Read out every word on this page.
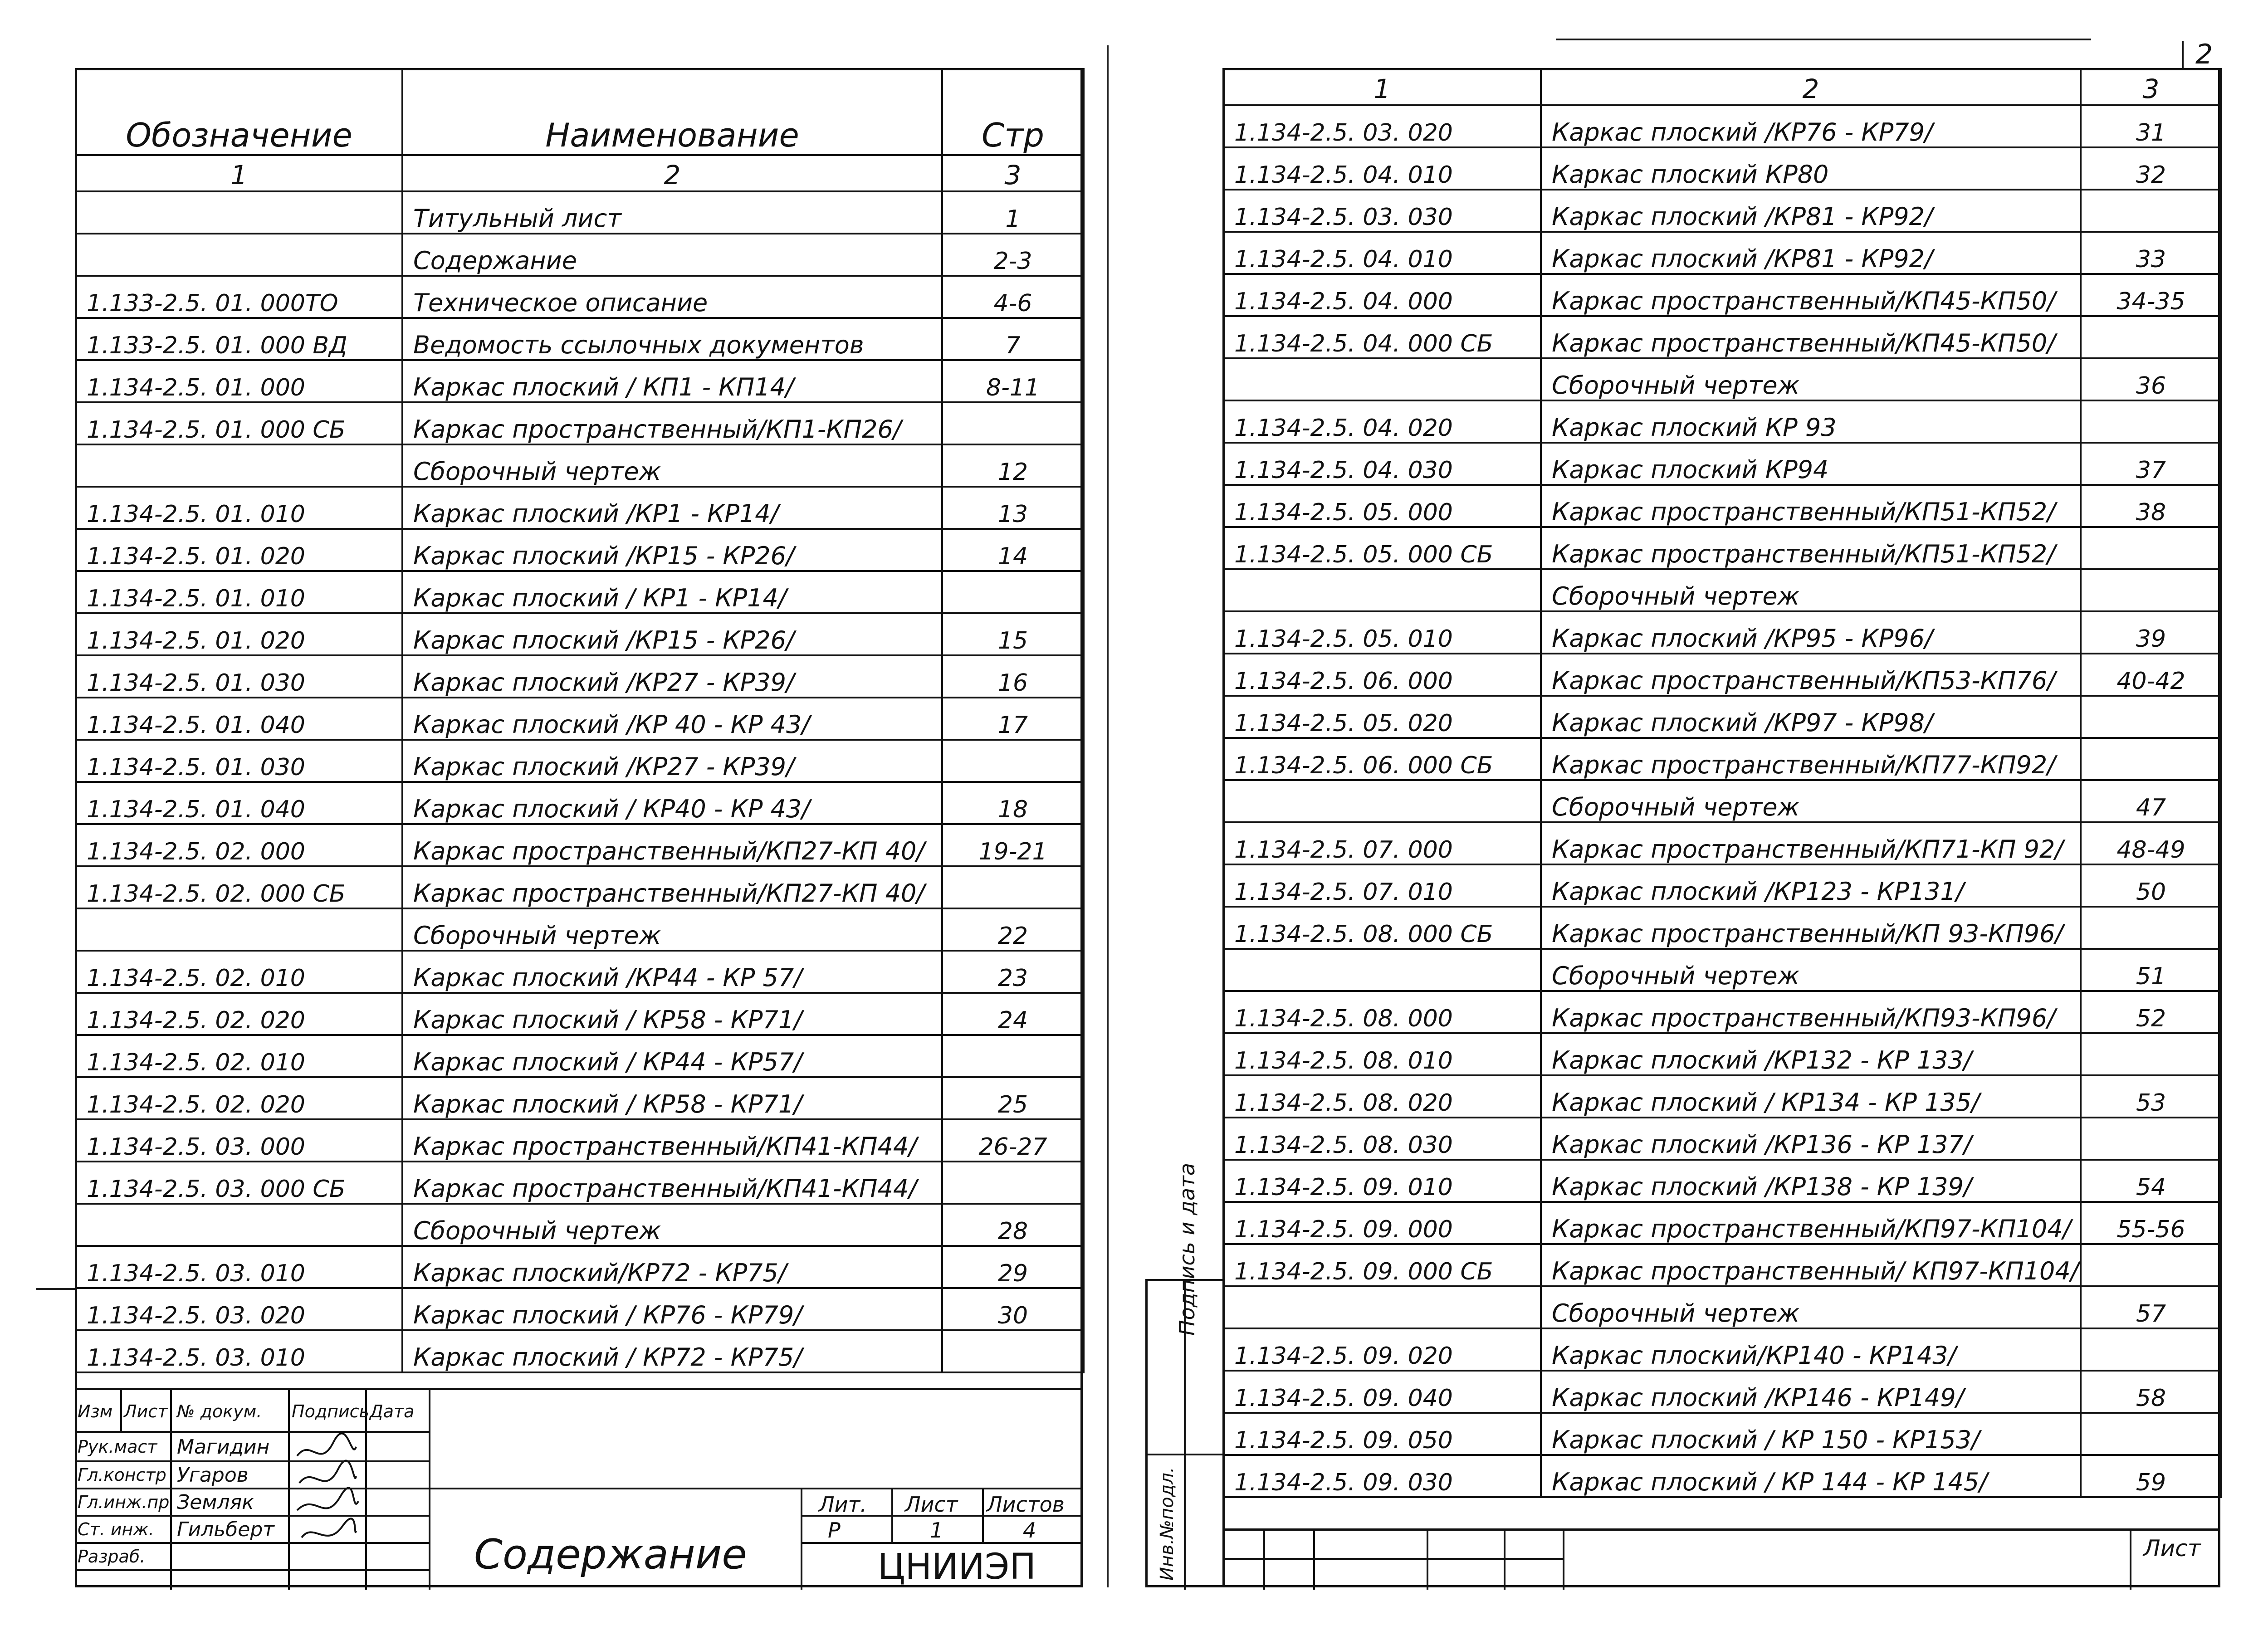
Обозначение	Наименование	Стр
1	2	3
	Титульный лист	1
	Содержание	2-3
1.133-2.5. 01. 000ТО	Техническое описание	4-6
1.133-2.5. 01. 000 ВД	Ведомость ссылочных документов	7
1.134-2.5. 01. 000	Каркас плоский / КП1 - КП14/	8-11
1.134-2.5. 01. 000 СБ	Каркас пространственный/КП1-КП26/	
	Сборочный чертеж	12
1.134-2.5. 01. 010	Каркас плоский /КР1 - КР14/	13
1.134-2.5. 01. 020	Каркас плоский /КР15 - КР26/	14
1.134-2.5. 01. 010	Каркас плоский / КР1 - КР14/	
1.134-2.5. 01. 020	Каркас плоский /КР15 - КР26/	15
1.134-2.5. 01. 030	Каркас плоский /КР27 - КР39/	16
1.134-2.5. 01. 040	Каркас плоский /КР 40 - КР 43/	17
1.134-2.5. 01. 030	Каркас плоский /КР27 - КР39/	
1.134-2.5. 01. 040	Каркас плоский / КР40 - КР 43/	18
1.134-2.5. 02. 000	Каркас пространственный/КП27-КП 40/	19-21
1.134-2.5. 02. 000 СБ	Каркас пространственный/КП27-КП 40/	
	Сборочный чертеж	22
1.134-2.5. 02. 010	Каркас плоский /КР44 - КР 57/	23
1.134-2.5. 02. 020	Каркас плоский / КР58 - КР71/	24
1.134-2.5. 02. 010	Каркас плоский / КР44 - КР57/	
1.134-2.5. 02. 020	Каркас плоский / КР58 - КР71/	25
1.134-2.5. 03. 000	Каркас пространственный/КП41-КП44/	26-27
1.134-2.5. 03. 000 СБ	Каркас пространственный/КП41-КП44/	
	Сборочный чертеж	28
1.134-2.5. 03. 010	Каркас плоский/КР72 - КР75/	29
1.134-2.5. 03. 020	Каркас плоский / КР76 - КР79/	30
1.134-2.5. 03. 010	Каркас плоский / КР72 - КР75/	
Изм Лист № докум. Подпись Дата
Рук.маст Магидин
Гл.констр Угаров
Гл.инж.пр Земляк
Ст. инж. Гильберт
Разраб.	Содержание
Лит. Лист Листов
Р	1	4
ЦНИИЭП
2
1	2	3
1.134-2.5. 03. 020	Каркас плоский /КР76 - КР79/	31
1.134-2.5. 04. 010	Каркас плоский КР80	32
1.134-2.5. 03. 030	Каркас плоский /КР81 - КР92/	
1.134-2.5. 04. 010	Каркас плоский /КР81 - КР92/	33
1.134-2.5. 04. 000	Каркас пространственный/КП45-КП50/	34-35
1.134-2.5. 04. 000 СБ	Каркас пространственный/КП45-КП50/	
	Сборочный чертеж	36
1.134-2.5. 04. 020	Каркас плоский КР 93	
1.134-2.5. 04. 030	Каркас плоский КР94	37
1.134-2.5. 05. 000	Каркас пространственный/КП51-КП52/	38
1.134-2.5. 05. 000 СБ	Каркас пространственный/КП51-КП52/	
	Сборочный чертеж	
1.134-2.5. 05. 010	Каркас плоский /КР95 - КР96/	39
1.134-2.5. 06. 000	Каркас пространственный/КП53-КП76/	40-42
1.134-2.5. 05. 020	Каркас плоский /КР97 - КР98/	
1.134-2.5. 06. 000 СБ	Каркас пространственный/КП77-КП92/	
	Сборочный чертеж	47
1.134-2.5. 07. 000	Каркас пространственный/КП71-КП 92/	48-49
1.134-2.5. 07. 010	Каркас плоский /КР123 - КР131/	50
1.134-2.5. 08. 000 СБ	Каркас пространственный/КП 93-КП96/	
	Сборочный чертеж	51
1.134-2.5. 08. 000	Каркас пространственный/КП93-КП96/	52
1.134-2.5. 08. 010	Каркас плоский /КР132 - КР 133/	
1.134-2.5. 08. 020	Каркас плоский / КР134 - КР 135/	53
1.134-2.5. 08. 030	Каркас плоский /КР136 - КР 137/	
1.134-2.5. 09. 010	Каркас плоский /КР138 - КР 139/	54
1.134-2.5. 09. 000	Каркас пространственный/КП97-КП104/	55-56
1.134-2.5. 09. 000 СБ	Каркас пространственный/ КП97-КП104/	
	Сборочный чертеж	57
1.134-2.5. 09. 020	Каркас плоский/КР140 - КР143/	
1.134-2.5. 09. 040	Каркас плоский /КР146 - КР149/	58
1.134-2.5. 09. 050	Каркас плоский / КР 150 - КР153/	
1.134-2.5. 09. 030	Каркас плоский / КР 144 - КР 145/	59
Подпись и дата
Инв.№подл.	Лист
